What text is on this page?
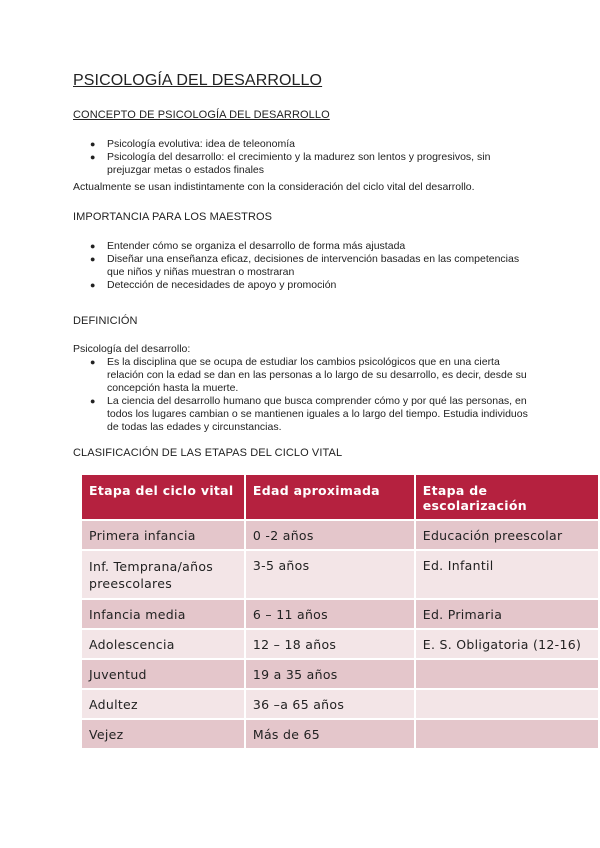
PSICOLOGÍA DEL DESARROLLO
CONCEPTO DE PSICOLOGÍA DEL DESARROLLO
● Psicología evolutiva: idea de teleonomía
● Psicología del desarrollo: el crecimiento y la madurez son lentos y progresivos, sin prejuzgar metas o estados finales
Actualmente se usan indistintamente con la consideración del ciclo vital del desarrollo.
IMPORTANCIA PARA LOS MAESTROS
● Entender cómo se organiza el desarrollo de forma más ajustada
● Diseñar una enseñanza eficaz, decisiones de intervención basadas en las competencias que niños y niñas muestran o mostraran
● Detección de necesidades de apoyo y promoción
DEFINICIÓN
Psicología del desarrollo:
● Es la disciplina que se ocupa de estudiar los cambios psicológicos que en una cierta relación con la edad se dan en las personas a lo largo de su desarrollo, es decir, desde su concepción hasta la muerte.
● La ciencia del desarrollo humano que busca comprender cómo y por qué las personas, en todos los lugares cambian o se mantienen iguales a lo largo del tiempo. Estudia individuos de todas las edades y circunstancias.
CLASIFICACIÓN DE LAS ETAPAS DEL CICLO VITAL
Etapa del ciclo vital	Edad aproximada	Etapa de escolarización
Primera infancia	0 -2 años	Educación preescolar
Inf. Temprana/años preescolares	3-5 años	Ed. Infantil
Infancia media	6 – 11 años	Ed. Primaria
Adolescencia	12 – 18 años	E. S. Obligatoria (12-16)
Juventud	19 a 35 años	
Adultez	36 –a 65 años	
Vejez	Más de 65	
